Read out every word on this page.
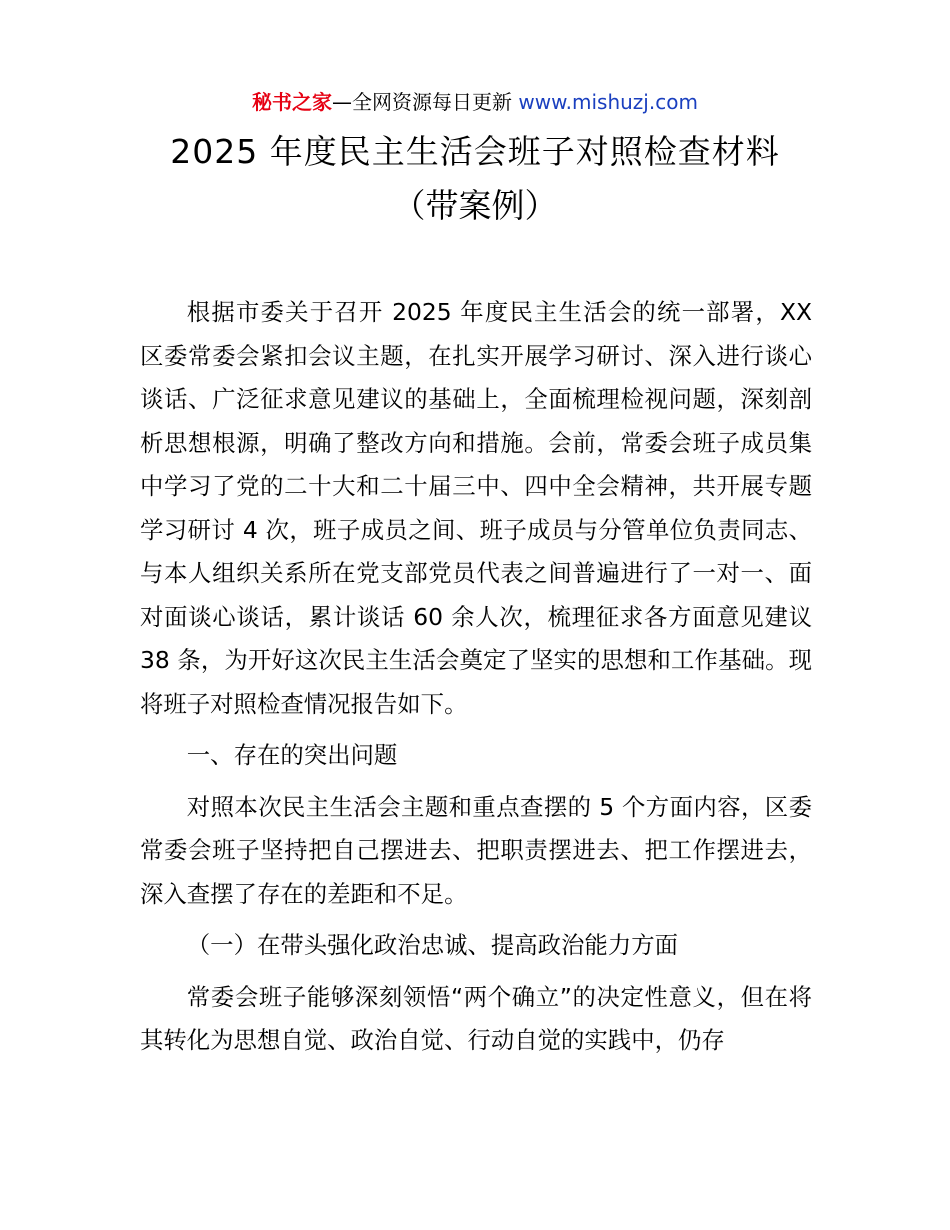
秘书之家—全网资源每日更新 www.mishuzj.com
2025 年度民主生活会班子对照检查材料
（带案例）

根据市委关于召开 2025 年度民主生活会的统一部署，XX 区委常委会紧扣会议主题，在扎实开展学习研讨、深入进行谈心谈话、广泛征求意见建议的基础上，全面梳理检视问题，深刻剖析思想根源，明确了整改方向和措施。会前，常委会班子成员集中学习了党的二十大和二十届三中、四中全会精神，共开展专题学习研讨 4 次，班子成员之间、班子成员与分管单位负责同志、与本人组织关系所在党支部党员代表之间普遍进行了一对一、面对面谈心谈话，累计谈话 60 余人次，梳理征求各方面意见建议 38 条，为开好这次民主生活会奠定了坚实的思想和工作基础。现将班子对照检查情况报告如下。

一、存在的突出问题

对照本次民主生活会主题和重点查摆的 5 个方面内容，区委常委会班子坚持把自己摆进去、把职责摆进去、把工作摆进去，深入查摆了存在的差距和不足。

（一）在带头强化政治忠诚、提高政治能力方面

常委会班子能够深刻领悟“两个确立”的决定性意义，但在将其转化为思想自觉、政治自觉、行动自觉的实践中，仍存
